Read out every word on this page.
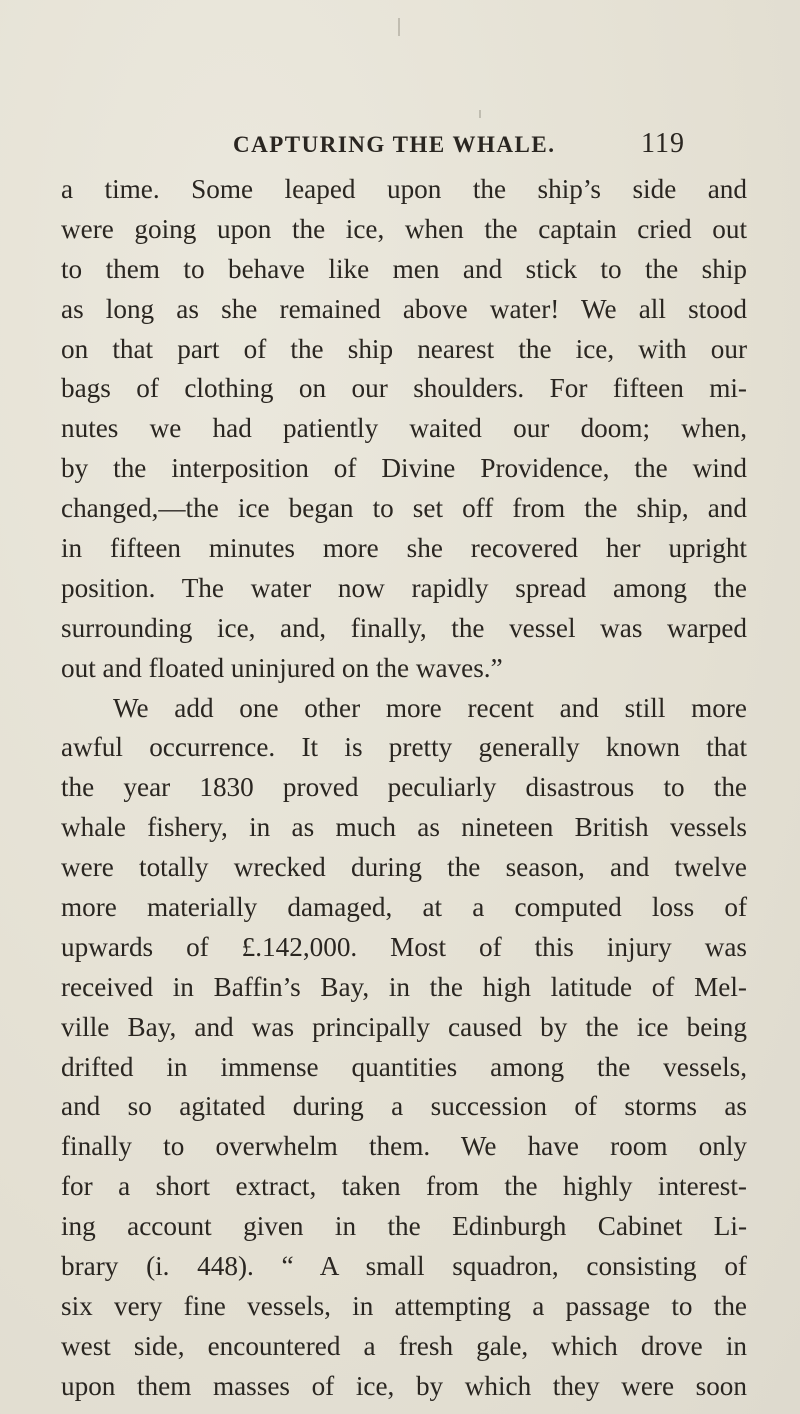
CAPTURING THE WHALE.	119
a time. Some leaped upon the ship’s side and
were going upon the ice, when the captain cried out
to them to behave like men and stick to the ship
as long as she remained above water! We all stood
on that part of the ship nearest the ice, with our
bags of clothing on our shoulders. For fifteen mi-
nutes we had patiently waited our doom; when,
by the interposition of Divine Providence, the wind
changed,—the ice began to set off from the ship, and
in fifteen minutes more she recovered her upright
position. The water now rapidly spread among the
surrounding ice, and, finally, the vessel was warped
out and floated uninjured on the waves.”
We add one other more recent and still more
awful occurrence. It is pretty generally known that
the year 1830 proved peculiarly disastrous to the
whale fishery, in as much as nineteen British vessels
were totally wrecked during the season, and twelve
more materially damaged, at a computed loss of
upwards of £.142,000. Most of this injury was
received in Baffin’s Bay, in the high latitude of Mel-
ville Bay, and was principally caused by the ice being
drifted in immense quantities among the vessels,
and so agitated during a succession of storms as
finally to overwhelm them. We have room only
for a short extract, taken from the highly interest-
ing account given in the Edinburgh Cabinet Li-
brary (i. 448). “ A small squadron, consisting of
six very fine vessels, in attempting a passage to the
west side, encountered a fresh gale, which drove in
upon them masses of ice, by which they were soon
